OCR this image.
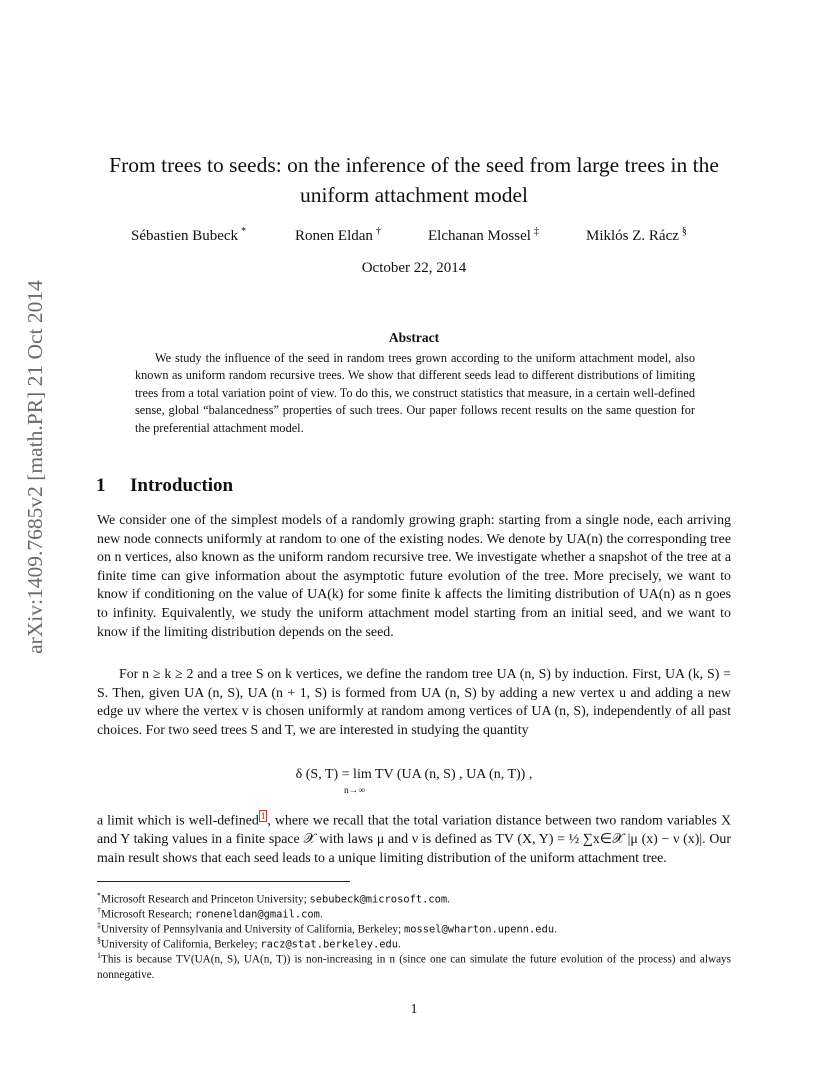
arXiv:1409.7685v2 [math.PR] 21 Oct 2014
From trees to seeds: on the inference of the seed from large trees in the uniform attachment model
Sébastien Bubeck *	Ronen Eldan †	Elchanan Mossel ‡	Miklós Z. Rácz §
October 22, 2014
Abstract
We study the influence of the seed in random trees grown according to the uniform attachment model, also known as uniform random recursive trees. We show that different seeds lead to different distributions of limiting trees from a total variation point of view. To do this, we construct statistics that measure, in a certain well-defined sense, global “balancedness” properties of such trees. Our paper follows recent results on the same question for the preferential attachment model.
1 Introduction
We consider one of the simplest models of a randomly growing graph: starting from a single node, each arriving new node connects uniformly at random to one of the existing nodes. We denote by UA(n) the corresponding tree on n vertices, also known as the uniform random recursive tree. We investigate whether a snapshot of the tree at a finite time can give information about the asymptotic future evolution of the tree. More precisely, we want to know if conditioning on the value of UA(k) for some finite k affects the limiting distribution of UA(n) as n goes to infinity. Equivalently, we study the uniform attachment model starting from an initial seed, and we want to know if the limiting distribution depends on the seed.
For n ≥ k ≥ 2 and a tree S on k vertices, we define the random tree UA (n, S) by induction. First, UA (k, S) = S. Then, given UA (n, S), UA (n + 1, S) is formed from UA (n, S) by adding a new vertex u and adding a new edge uv where the vertex v is chosen uniformly at random among vertices of UA (n, S), independently of all past choices. For two seed trees S and T, we are interested in studying the quantity
δ (S, T) = lim TV (UA (n, S) , UA (n, T)) ,
n→∞
a limit which is well-defined $^1$ , where we recall that the total variation distance between two random variables X and Y taking values in a finite space 𝒳 with laws μ and ν is defined as TV (X, Y) = ½ ∑x∈𝒳 |μ (x) − ν (x)|. Our main result shows that each seed leads to a unique limiting distribution of the uniform attachment tree.
*Microsoft Research and Princeton University; sebubeck@microsoft.com.
†Microsoft Research; roneneldan@gmail.com.
‡University of Pennsylvania and University of California, Berkeley; mossel@wharton.upenn.edu.
§University of California, Berkeley; racz@stat.berkeley.edu.
$^1$This is because TV(UA(n, S), UA(n, T)) is non-increasing in n (since one can simulate the future evolution of the process) and always nonnegative.
1
